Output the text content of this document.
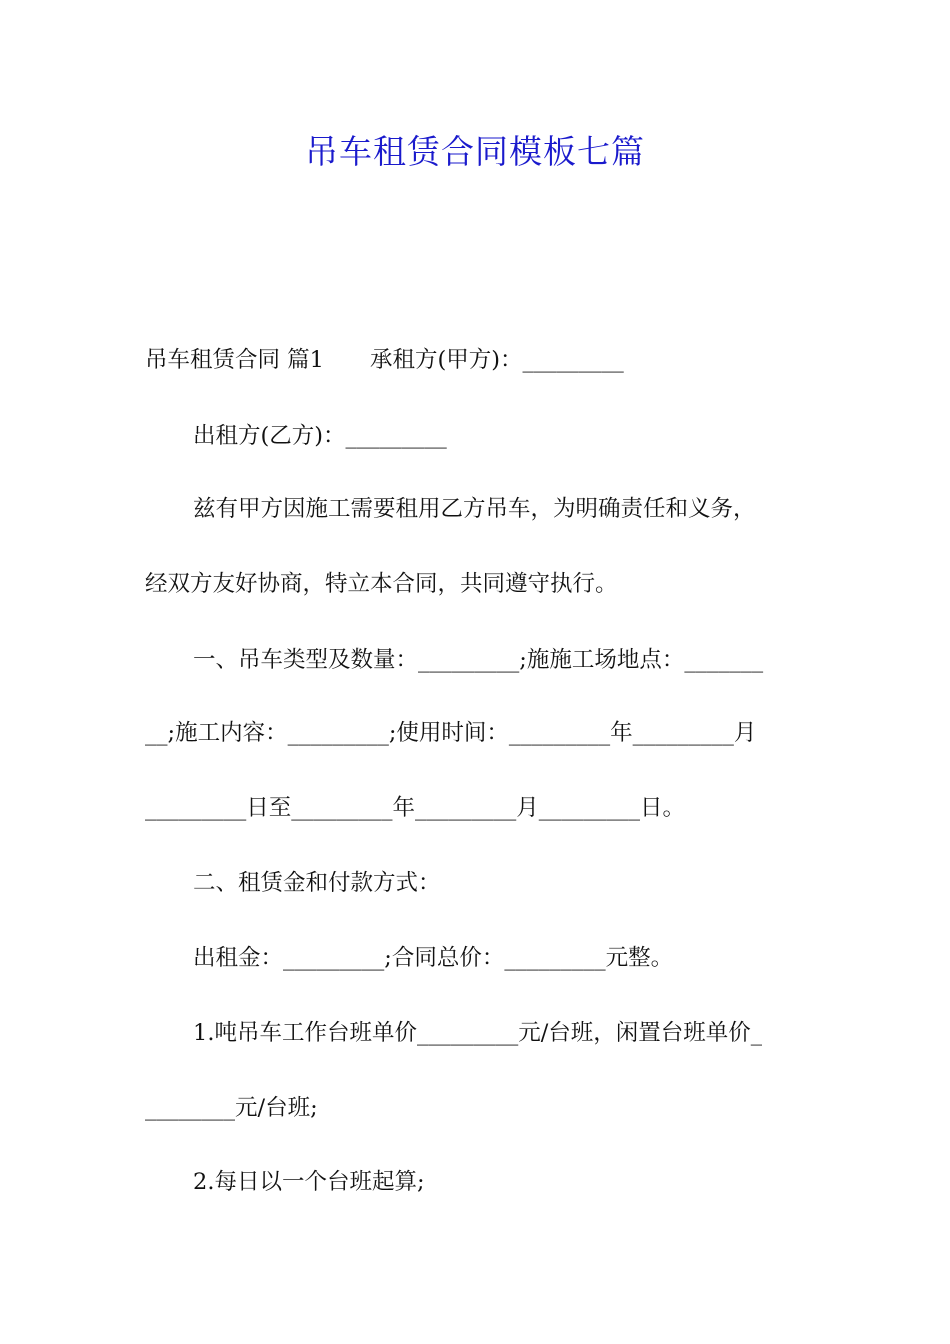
吊车租赁合同模板七篇
吊车租赁合同 篇1 承租方(甲方)：_________
出租方(乙方)：_________
兹有甲方因施工需要租用乙方吊车，为明确责任和义务，
经双方友好协商，特立本合同，共同遵守执行。
一、吊车类型及数量：_________;施施工场地点：_______
__;施工内容：_________;使用时间：_________年_________月
_________日至_________年_________月_________日。
二、租赁金和付款方式：
出租金：_________;合同总价：_________元整。
1.吨吊车工作台班单价_________元/台班，闲置台班单价_
________元/台班;
2.每日以一个台班起算;
